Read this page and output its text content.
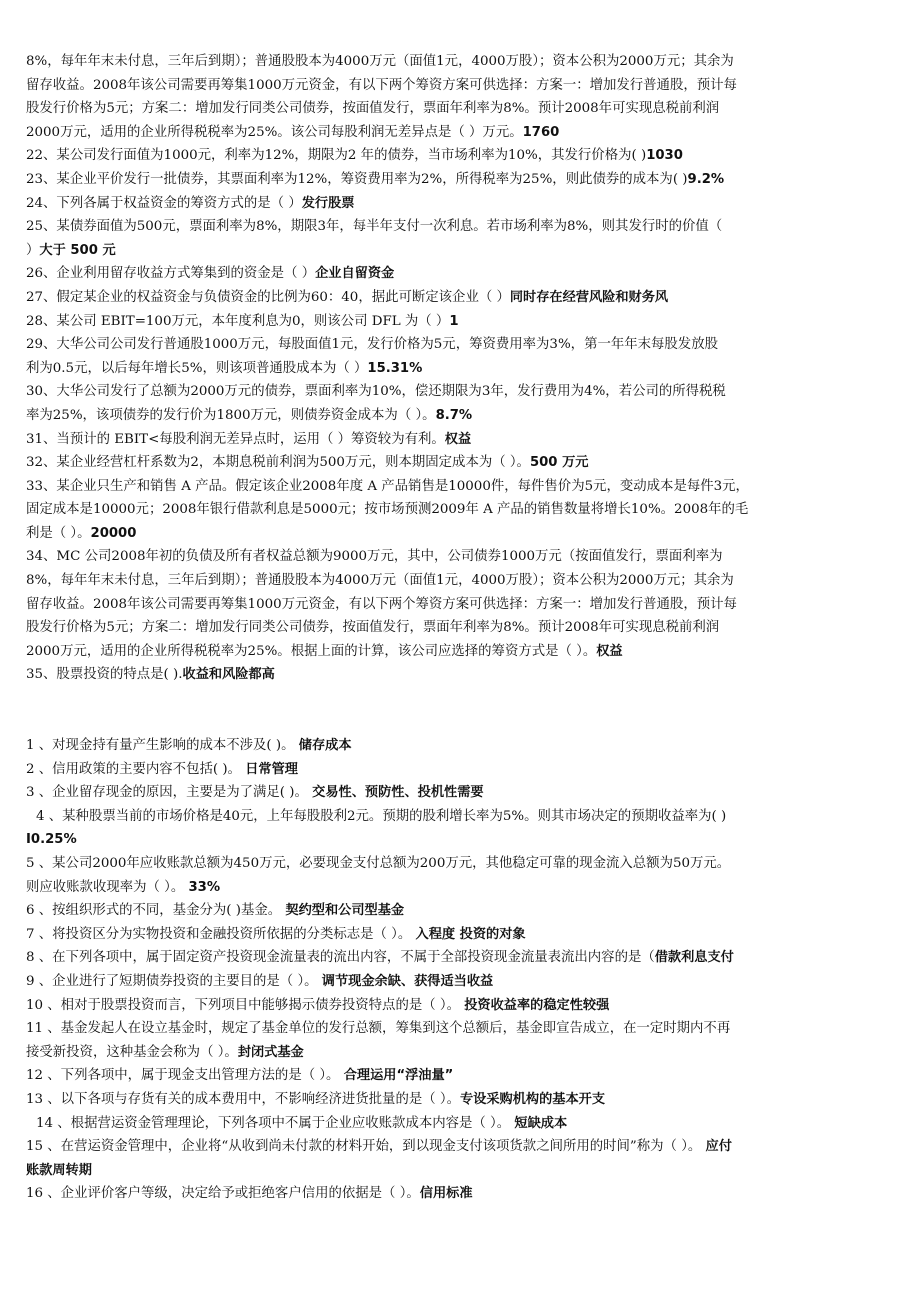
8%，每年年末未付息，三年后到期）；普通股股本为4000万元（面值1元，4000万股）；资本公积为2000万元；其余为
留存收益。2008年该公司需要再筹集1000万元资金，有以下两个筹资方案可供选择：方案一：增加发行普通股，预计每
股发行价格为5元；方案二：增加发行同类公司债券，按面值发行，票面年利率为8%。预计2008年可实现息税前利润
2000万元，适用的企业所得税税率为25%。该公司每股利润无差异点是（ ）万元。1760
22、某公司发行面值为1000元，利率为12%，期限为2 年的债券，当市场利率为10%，其发行价格为( )1030
23、某企业平价发行一批债券，其票面利率为12%，筹资费用率为2%，所得税率为25%，则此债券的成本为( )9.2%
24、下列各属于权益资金的筹资方式的是（ ）发行股票
25、某债券面值为500元，票面利率为8%，期限3年，每半年支付一次利息。若市场利率为8%，则其发行时的价值（
）大于 500 元
26、企业利用留存收益方式筹集到的资金是（ ）企业自留资金
27、假定某企业的权益资金与负债资金的比例为60：40，据此可断定该企业（ ）同时存在经营风险和财务风
28、某公司 EBIT=100万元，本年度利息为0，则该公司 DFL 为（ ）1
29、大华公司公司发行普通股1000万元，每股面值1元，发行价格为5元，筹资费用率为3%，第一年年末每股发放股
利为0.5元，以后每年增长5%，则该项普通股成本为（ ）15.31%
30、大华公司发行了总额为2000万元的债券，票面利率为10%，偿还期限为3年，发行费用为4%，若公司的所得税税
率为25%，该项债券的发行价为1800万元，则债券资金成本为（ ）。8.7%
31、当预计的 EBIT<每股利润无差异点时，运用（ ）筹资较为有利。权益
32、某企业经营杠杆系数为2，本期息税前利润为500万元，则本期固定成本为（ ）。500 万元
33、某企业只生产和销售 A 产品。假定该企业2008年度 A 产品销售是10000件，每件售价为5元，变动成本是每件3元，
固定成本是10000元；2008年银行借款利息是5000元；按市场预测2009年 A 产品的销售数量将增长10%。2008年的毛
利是（ ）。20000
34、MC 公司2008年初的负债及所有者权益总额为9000万元，其中，公司债券1000万元（按面值发行，票面利率为
8%，每年年末未付息，三年后到期）；普通股股本为4000万元（面值1元，4000万股）；资本公积为2000万元；其余为
留存收益。2008年该公司需要再筹集1000万元资金，有以下两个筹资方案可供选择：方案一：增加发行普通股，预计每
股发行价格为5元；方案二：增加发行同类公司债券，按面值发行，票面年利率为8%。预计2008年可实现息税前利润
2000万元，适用的企业所得税税率为25%。根据上面的计算，该公司应选择的筹资方式是（ ）。权益
35、股票投资的特点是( ).收益和风险都高
1 、对现金持有量产生影响的成本不涉及( )。 储存成本
2 、信用政策的主要内容不包括( )。 日常管理
3 、企业留存现金的原因，主要是为了满足( )。 交易性、预防性、投机性需要
4 、某种股票当前的市场价格是40元，上年每股股利2元。预期的股利增长率为5%。则其市场决定的预期收益率为( )
I0.25%
5 、某公司2000年应收账款总额为450万元，必要现金支付总额为200万元，其他稳定可靠的现金流入总额为50万元。
则应收账款收现率为（ ）。 33%
6 、按组织形式的不同，基金分为( )基金。 契约型和公司型基金
7 、将投资区分为实物投资和金融投资所依据的分类标志是（ ）。 入程度 投资的对象
8 、在下列各项中，属于固定资产投资现金流量表的流出内容，不属于全部投资现金流量表流出内容的是（借款利息支付
9 、企业进行了短期债券投资的主要目的是（ ）。 调节现金余缺、获得适当收益
10 、相对于股票投资而言，下列项目中能够揭示债券投资特点的是（ ）。 投资收益率的稳定性较强
11 、基金发起人在设立基金时，规定了基金单位的发行总额，筹集到这个总额后，基金即宣告成立，在一定时期内不再
接受新投资，这种基金会称为（ ）。封闭式基金
12 、下列各项中，属于现金支出管理方法的是（ ）。 合理运用“浮油量”
13 、以下各项与存货有关的成本费用中，不影响经济进货批量的是（ ）。专设采购机构的基本开支
14 、根据营运资金管理理论，下列各项中不属于企业应收账款成本内容是（ ）。 短缺成本
15 、在营运资金管理中，企业将“从收到尚未付款的材料开始，到以现金支付该项货款之间所用的时间”称为（ ）。 应付
账款周转期
16 、企业评价客户等级，决定给予或拒绝客户信用的依据是（ ）。信用标准
